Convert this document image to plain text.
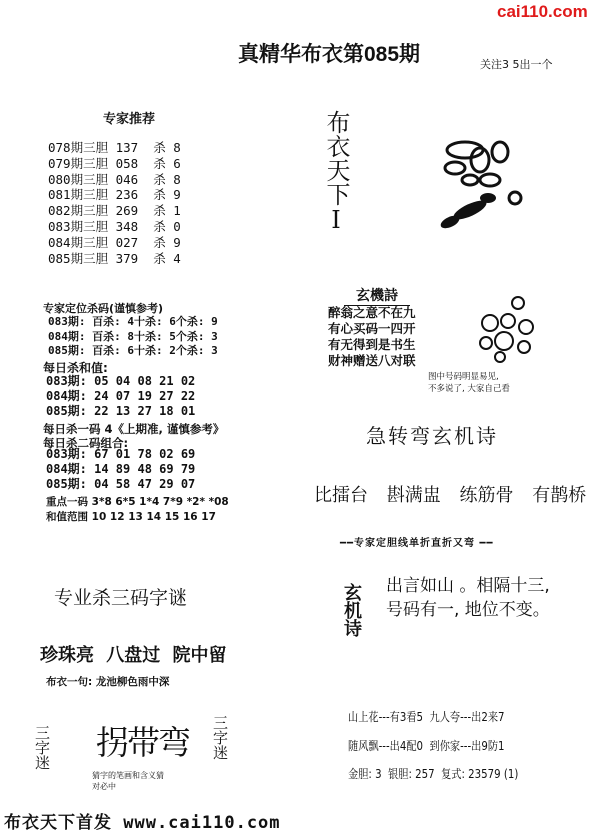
cai110.com
真精华布衣第085期	关注3 5出一个
专家推荐
078期三胆 137  杀 8
079期三胆 058  杀 6
080期三胆 046  杀 8
081期三胆 236  杀 9
082期三胆 269  杀 1
083期三胆 348  杀 0
084期三胆 027  杀 9
085期三胆 379  杀 4
专家定位杀码(谨慎参考)
083期: 百杀: 4十杀: 6个杀: 9
084期: 百杀: 8十杀: 5个杀: 3
085期: 百杀: 6十杀: 2个杀: 3
每日杀和值:
083期: 05 04 08 21 02
084期: 24 07 19 27 22
085期: 22 13 27 18 01
每日杀一码 4《上期准, 谨慎参考》
每日杀二码组合:
083期: 67 01 78 02 69
084期: 14 89 48 69 79
085期: 04 58 47 29 07
重点一码 3*8 6*5 1*4 7*9 *2* *08
和值范围 10 12 13 14 15 16 17
专业杀三码字谜
珍珠亮 八盘过 院中留
布衣一句: 龙池柳色雨中深
三字迷 拐带弯
猜字的笔画和含义猜
对必中
三字迷
布衣天下首发 www.cai110.com
布衣天下I
玄機詩
醉翁之意不在九
有心买码一四开
有无得到是书生
财神赠送八对联
图中号码明显易见,
不多说了, 大家自己看
急转弯玄机诗
比擂台 斟满盅 练筋骨 有鹊桥
━━专家定胆线单折直折又弯 ━━
玄机诗 出言如山 。相隔十三,
号码有一, 地位不变。
山上花---有3看5  九人夸---出2来7
随风飘---出4配0  到你家---出9防1
金胆: 3  银胆: 257  复式: 23579 (1)
